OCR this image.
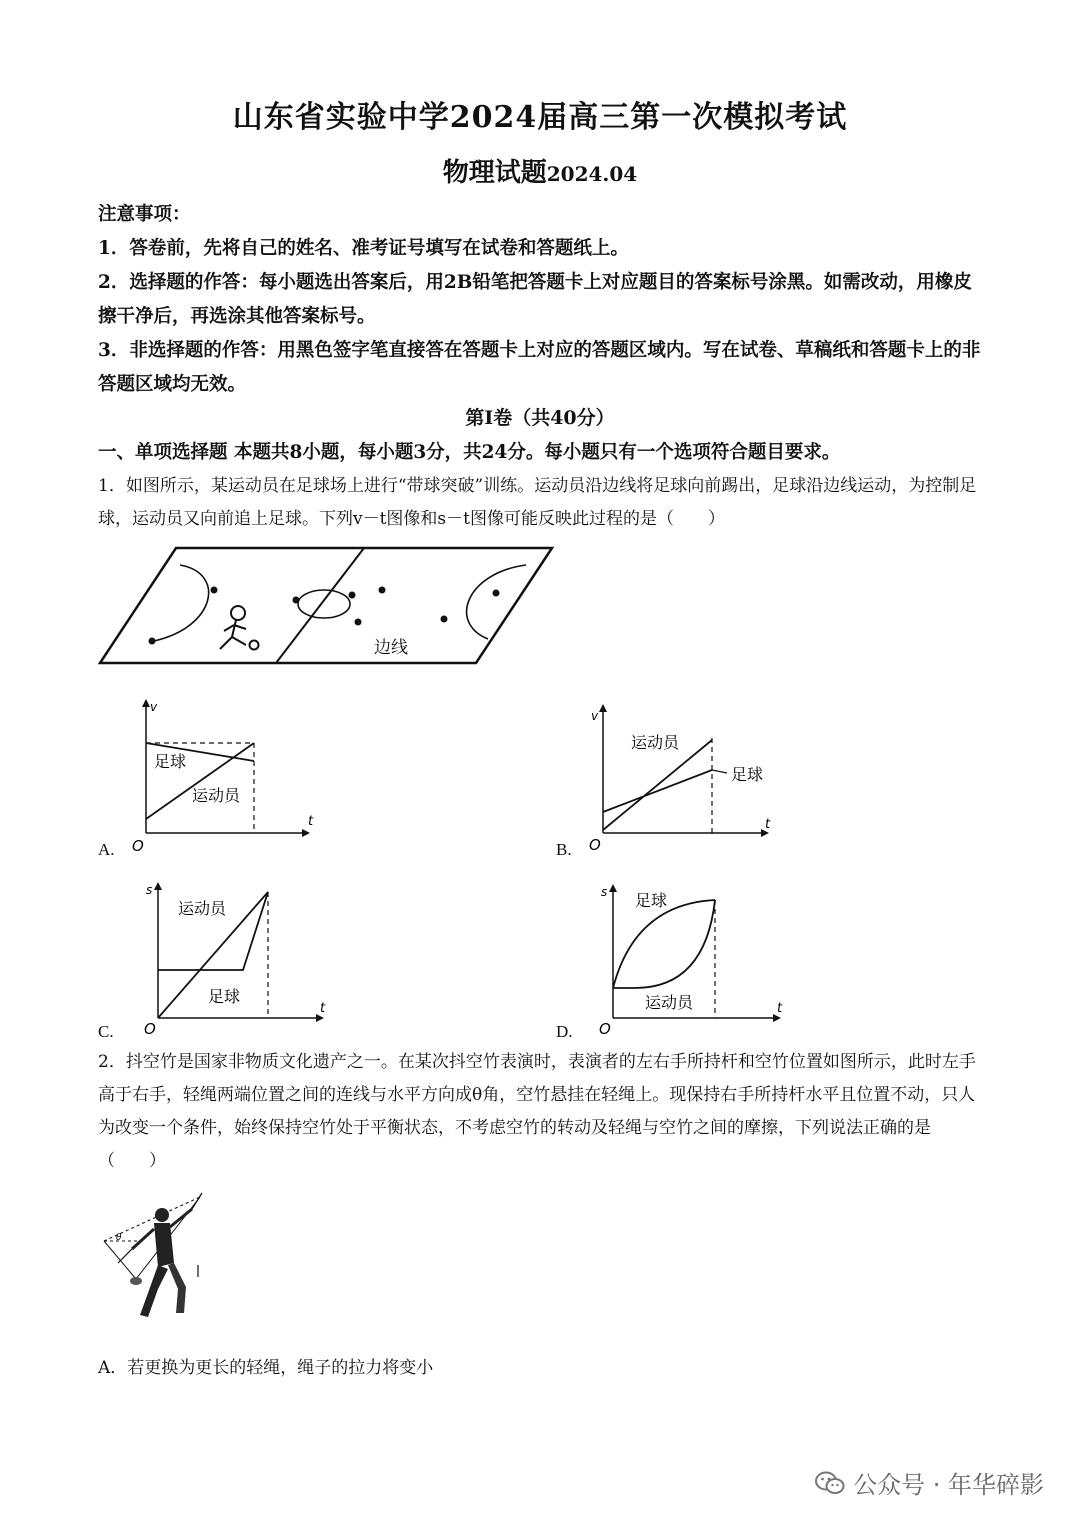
山东省实验中学2024届高三第一次模拟考试
物理试题2024.04
注意事项：
1．答卷前，先将自己的姓名、准考证号填写在试卷和答题纸上。
2．选择题的作答：每小题选出答案后，用2B铅笔把答题卡上对应题目的答案标号涂黑。如需改动，用橡皮擦干净后，再选涂其他答案标号。
3．非选择题的作答：用黑色签字笔直接答在答题卡上对应的答题区域内。写在试卷、草稿纸和答题卡上的非答题区域均无效。
第Ⅰ卷（共40分）
一、单项选择题 本题共8小题，每小题3分，共24分。每小题只有一个选项符合题目要求。
1．如图所示，某运动员在足球场上进行“带球突破”训练。运动员沿边线将足球向前踢出，足球沿边线运动，为控制足球，运动员又向前追上足球。下列v－t图像和s－t图像可能反映此过程的是（　　）
边线
A.
v
t
O
足球
运动员
B.
v
t
O
运动员
足球
C.
s
t
O
运动员
足球
D.
s
t
O
足球
运动员
2．抖空竹是国家非物质文化遗产之一。在某次抖空竹表演时，表演者的左右手所持杆和空竹位置如图所示，此时左手高于右手，轻绳两端位置之间的连线与水平方向成θ角，空竹悬挂在轻绳上。现保持右手所持杆水平且位置不动，只人为改变一个条件，始终保持空竹处于平衡状态，不考虑空竹的转动及轻绳与空竹之间的摩擦，下列说法正确的是（　　）
θ
A．若更换为更长的轻绳，绳子的拉力将变小
公众号 · 年华碎影
